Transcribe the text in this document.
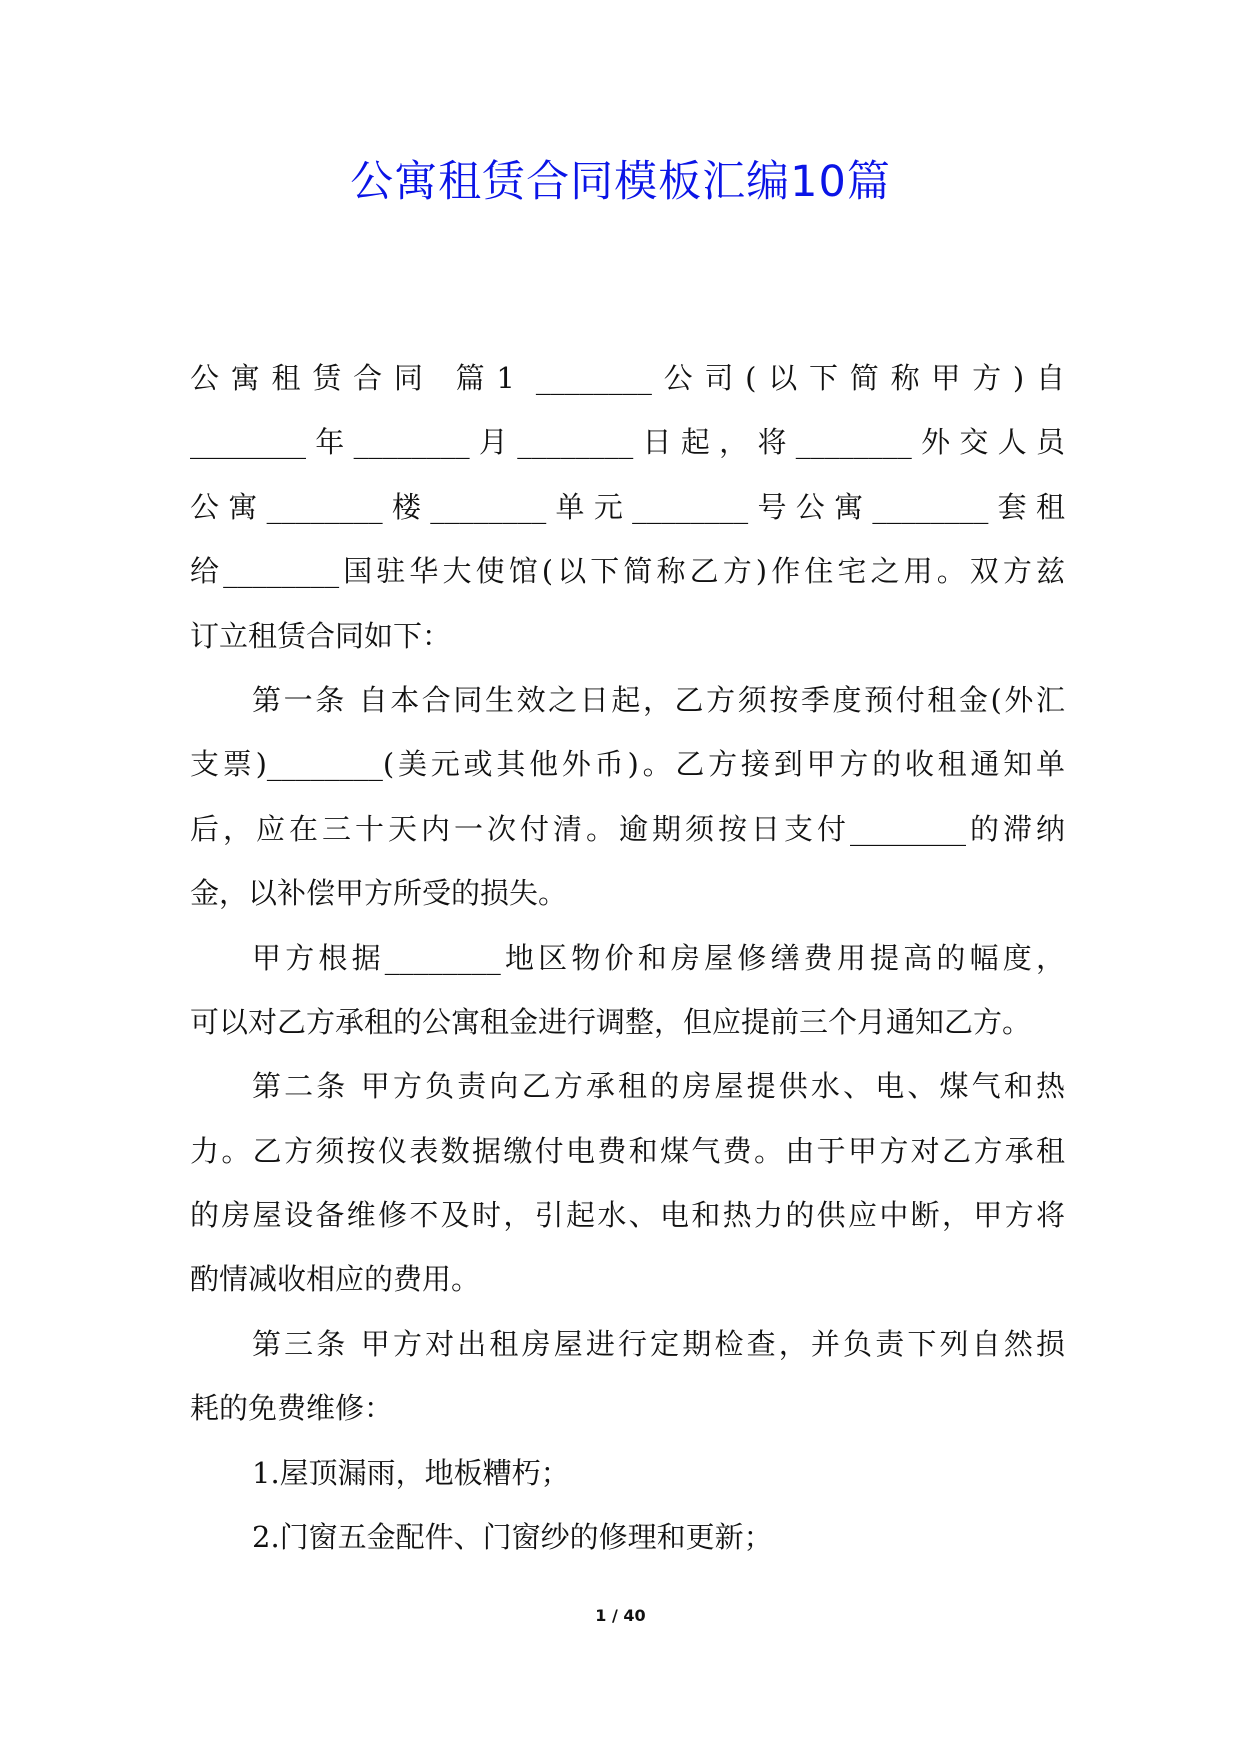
公寓租赁合同模板汇编10篇
公寓租赁合同 篇1 ________公司(以下简称甲方)自
________年________月________日起，将________外交人员
公寓________楼________单元________号公寓________套租
给________国驻华大使馆(以下简称乙方)作住宅之用。双方兹
订立租赁合同如下：
第一条 自本合同生效之日起，乙方须按季度预付租金(外汇
支票)________(美元或其他外币)。乙方接到甲方的收租通知单
后，应在三十天内一次付清。逾期须按日支付________的滞纳
金，以补偿甲方所受的损失。
甲方根据________地区物价和房屋修缮费用提高的幅度，
可以对乙方承租的公寓租金进行调整，但应提前三个月通知乙方。
第二条 甲方负责向乙方承租的房屋提供水、电、煤气和热
力。乙方须按仪表数据缴付电费和煤气费。由于甲方对乙方承租
的房屋设备维修不及时，引起水、电和热力的供应中断，甲方将
酌情减收相应的费用。
第三条 甲方对出租房屋进行定期检查，并负责下列自然损
耗的免费维修：
1.屋顶漏雨，地板糟朽；
2.门窗五金配件、门窗纱的修理和更新；
1 / 40
